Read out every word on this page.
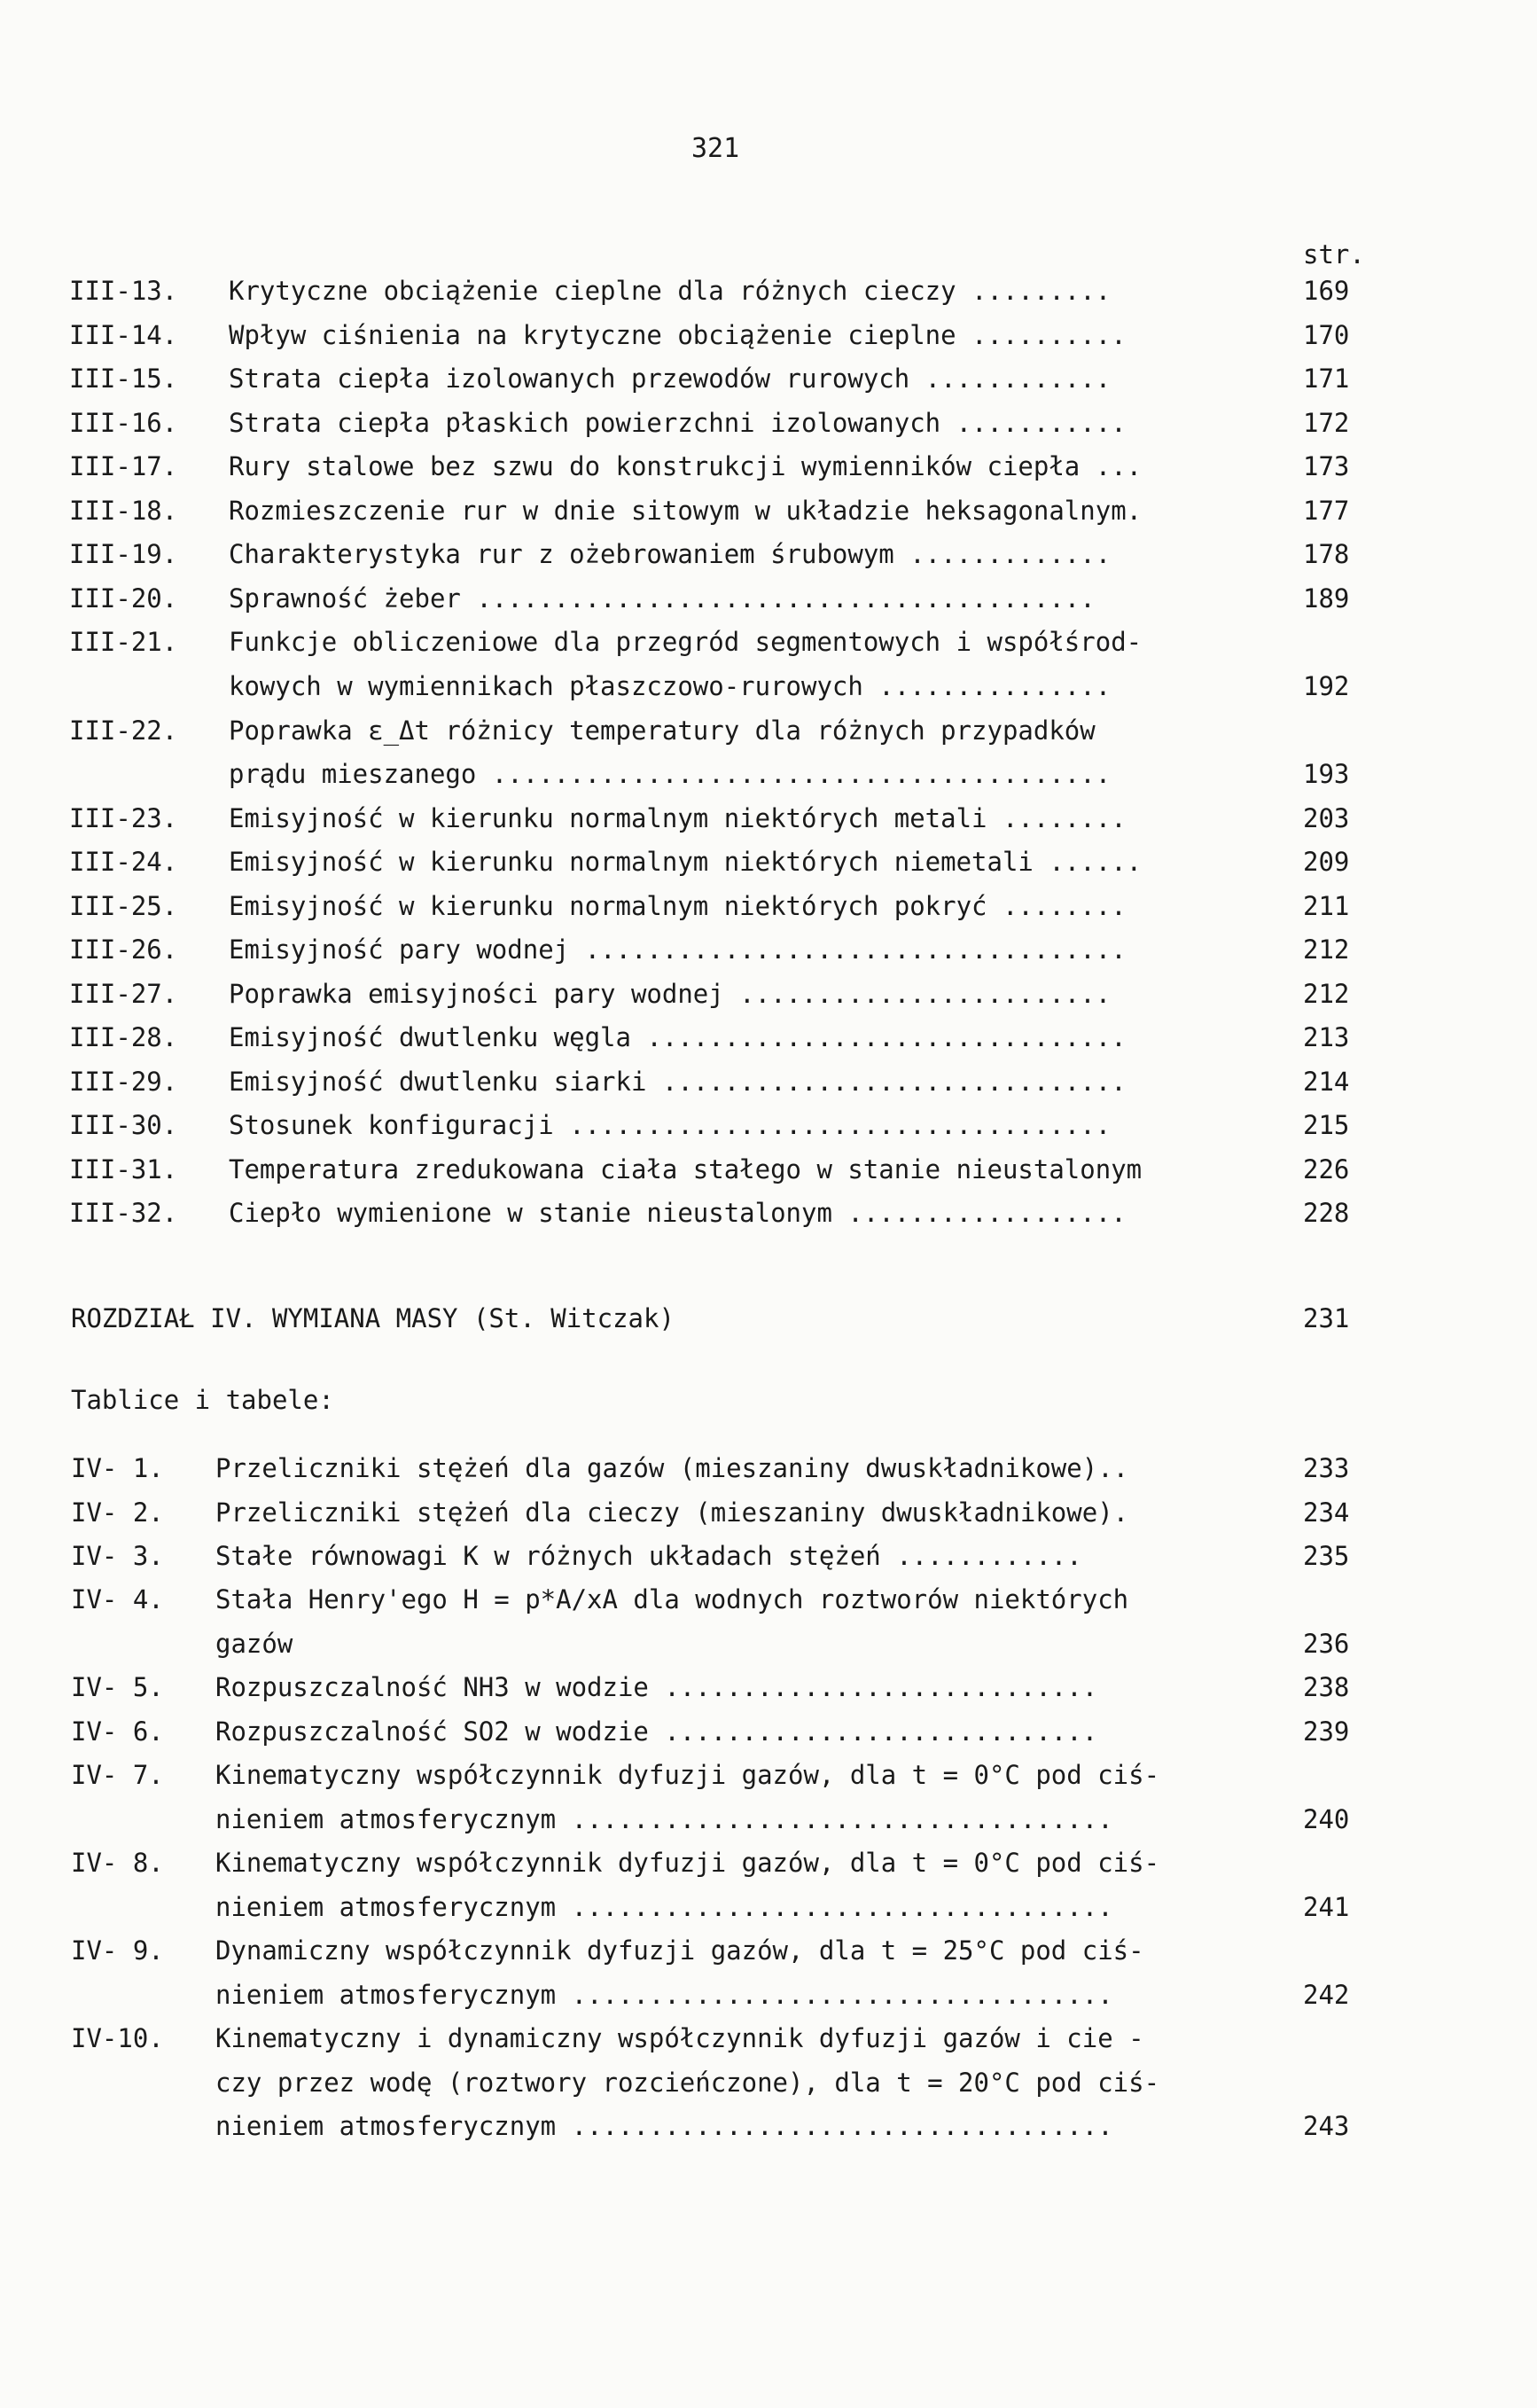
321
str.
III-13. Krytyczne obciążenie cieplne dla różnych cieczy .........	169
III-14. Wpływ ciśnienia na krytyczne obciążenie cieplne ..........	170
III-15. Strata ciepła izolowanych przewodów rurowych ............	171
III-16. Strata ciepła płaskich powierzchni izolowanych ...........	172
III-17. Rury stalowe bez szwu do konstrukcji wymienników ciepła ...	173
III-18. Rozmieszczenie rur w dnie sitowym w układzie heksagonalnym.	177
III-19. Charakterystyka rur z ożebrowaniem śrubowym .............	178
III-20. Sprawność żeber ........................................	189
III-21. Funkcje obliczeniowe dla przegród segmentowych i współśrod-
kowych w wymiennikach płaszczowo-rurowych ...............	192
III-22. Poprawka ε_Δt różnicy temperatury dla różnych przypadków
prądu mieszanego ........................................	193
III-23. Emisyjność w kierunku normalnym niektórych metali ........	203
III-24. Emisyjność w kierunku normalnym niektórych niemetali ......	209
III-25. Emisyjność w kierunku normalnym niektórych pokryć ........	211
III-26. Emisyjność pary wodnej ...................................	212
III-27. Poprawka emisyjności pary wodnej ........................	212
III-28. Emisyjność dwutlenku węgla ...............................	213
III-29. Emisyjność dwutlenku siarki ..............................	214
III-30. Stosunek konfiguracji ...................................	215
III-31. Temperatura zredukowana ciała stałego w stanie nieustalonym	226
III-32. Ciepło wymienione w stanie nieustalonym ..................	228
ROZDZIAŁ IV. WYMIANA MASY (St. Witczak)	231
Tablice i tabele:
IV- 1. Przeliczniki stężeń dla gazów (mieszaniny dwuskładnikowe)..	233
IV- 2. Przeliczniki stężeń dla cieczy (mieszaniny dwuskładnikowe).	234
IV- 3. Stałe równowagi K w różnych układach stężeń ............	235
IV- 4. Stała Henry'ego H = p*A/xA dla wodnych roztworów niektórych
gazów	236
IV- 5. Rozpuszczalność NH3 w wodzie ............................	238
IV- 6. Rozpuszczalność SO2 w wodzie ............................	239
IV- 7. Kinematyczny współczynnik dyfuzji gazów, dla t = 0°C pod ciś-
nieniem atmosferycznym ...................................	240
IV- 8. Kinematyczny współczynnik dyfuzji gazów, dla t = 0°C pod ciś-
nieniem atmosferycznym ...................................	241
IV- 9. Dynamiczny współczynnik dyfuzji gazów, dla t = 25°C pod ciś-
nieniem atmosferycznym ...................................	242
IV-10. Kinematyczny i dynamiczny współczynnik dyfuzji gazów i cie -
czy przez wodę (roztwory rozcieńczone), dla t = 20°C pod ciś-
nieniem atmosferycznym ...................................	243
